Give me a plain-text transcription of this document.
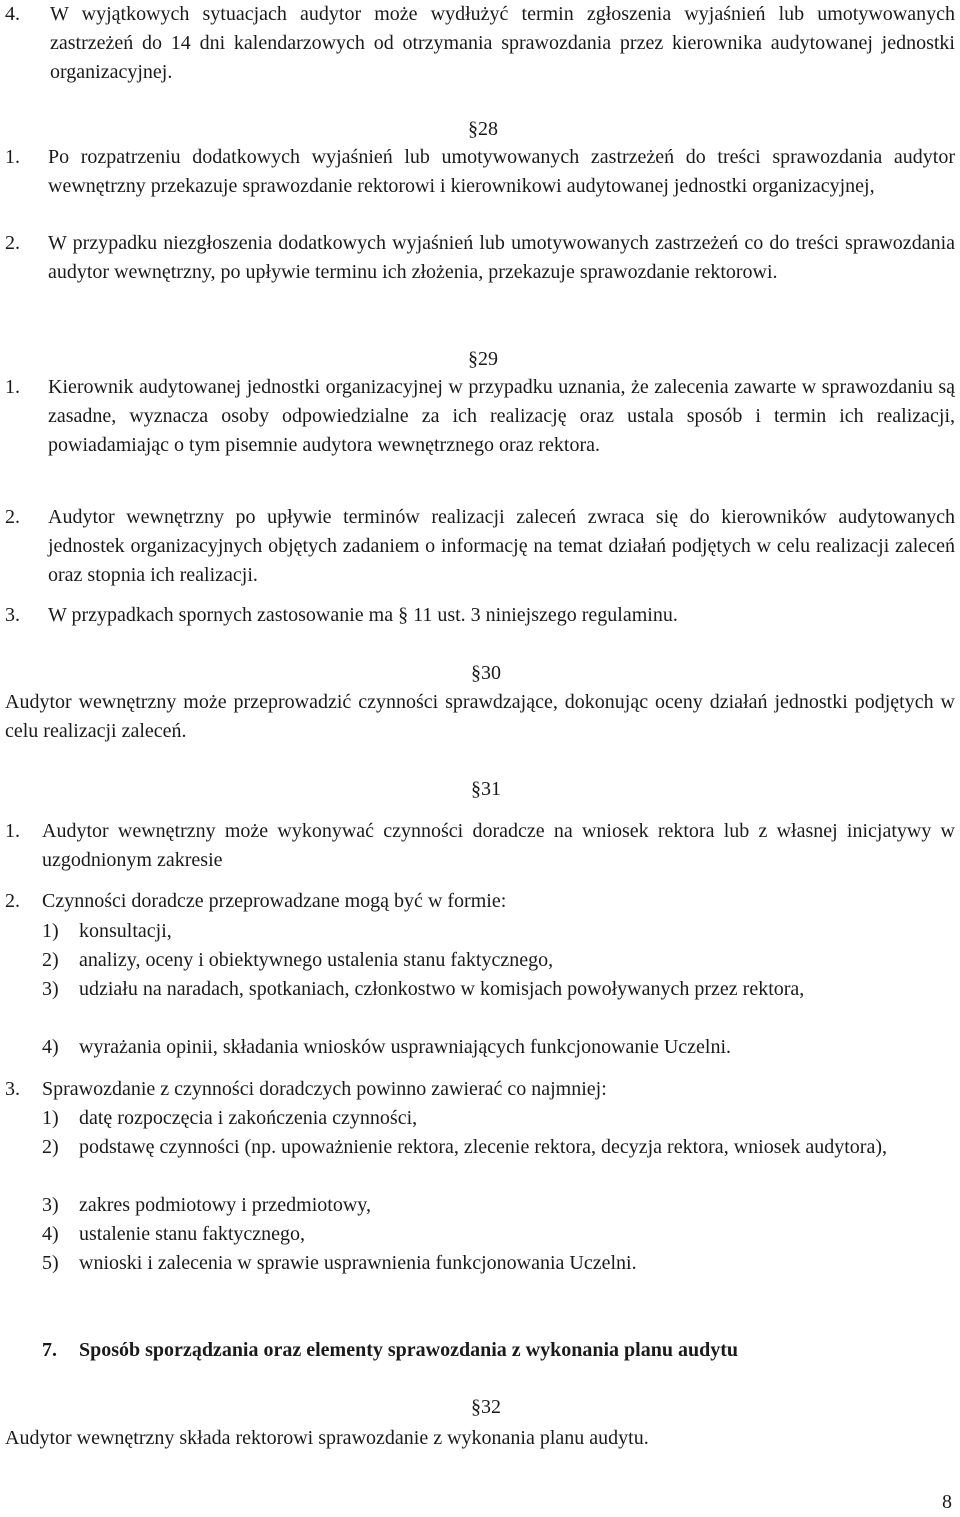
4.	W wyjątkowych sytuacjach audytor może wydłużyć termin zgłoszenia wyjaśnień lub umotywowanych zastrzeżeń do 14 dni kalendarzowych od otrzymania sprawozdania przez kierownika audytowanej jednostki organizacyjnej.
§28
1.	Po rozpatrzeniu dodatkowych wyjaśnień lub umotywowanych zastrzeżeń do treści sprawozdania audytor wewnętrzny przekazuje sprawozdanie rektorowi i kierownikowi audytowanej jednostki organizacyjnej,
2.	W przypadku niezgłoszenia dodatkowych wyjaśnień lub umotywowanych zastrzeżeń co do treści sprawozdania audytor wewnętrzny, po upływie terminu ich złożenia, przekazuje sprawozdanie rektorowi.
§29
1.	Kierownik audytowanej jednostki organizacyjnej w przypadku uznania, że zalecenia zawarte w sprawozdaniu są zasadne, wyznacza osoby odpowiedzialne za ich realizację oraz ustala sposób i termin ich realizacji, powiadamiając o tym pisemnie audytora wewnętrznego oraz rektora.
2.	Audytor wewnętrzny po upływie terminów realizacji zaleceń zwraca się do kierowników audytowanych jednostek organizacyjnych objętych zadaniem o informację na temat działań podjętych w celu realizacji zaleceń oraz stopnia ich realizacji.
3.	W przypadkach spornych zastosowanie ma § 11 ust. 3 niniejszego regulaminu.
§30
Audytor wewnętrzny może przeprowadzić czynności sprawdzające, dokonując oceny działań jednostki podjętych w celu realizacji zaleceń.
§31
1.	Audytor wewnętrzny może wykonywać czynności doradcze na wniosek rektora lub z własnej inicjatywy w uzgodnionym zakresie
2.	Czynności doradcze przeprowadzane mogą być w formie:
1)	konsultacji,
2)	analizy, oceny i obiektywnego ustalenia stanu faktycznego,
3)	udziału na naradach, spotkaniach, członkostwo w komisjach powoływanych przez rektora,
4)	wyrażania opinii, składania wniosków usprawniających funkcjonowanie Uczelni.
3.	Sprawozdanie z czynności doradczych powinno zawierać co najmniej:
1)	datę rozpoczęcia i zakończenia czynności,
2)	podstawę czynności (np. upoważnienie rektora, zlecenie rektora, decyzja rektora, wniosek audytora),
3)	zakres podmiotowy i przedmiotowy,
4)	ustalenie stanu faktycznego,
5)	wnioski i zalecenia w sprawie usprawnienia funkcjonowania Uczelni.
7.	Sposób sporządzania oraz elementy sprawozdania z wykonania planu audytu
§32
Audytor wewnętrzny składa rektorowi sprawozdanie z wykonania planu audytu.
8
